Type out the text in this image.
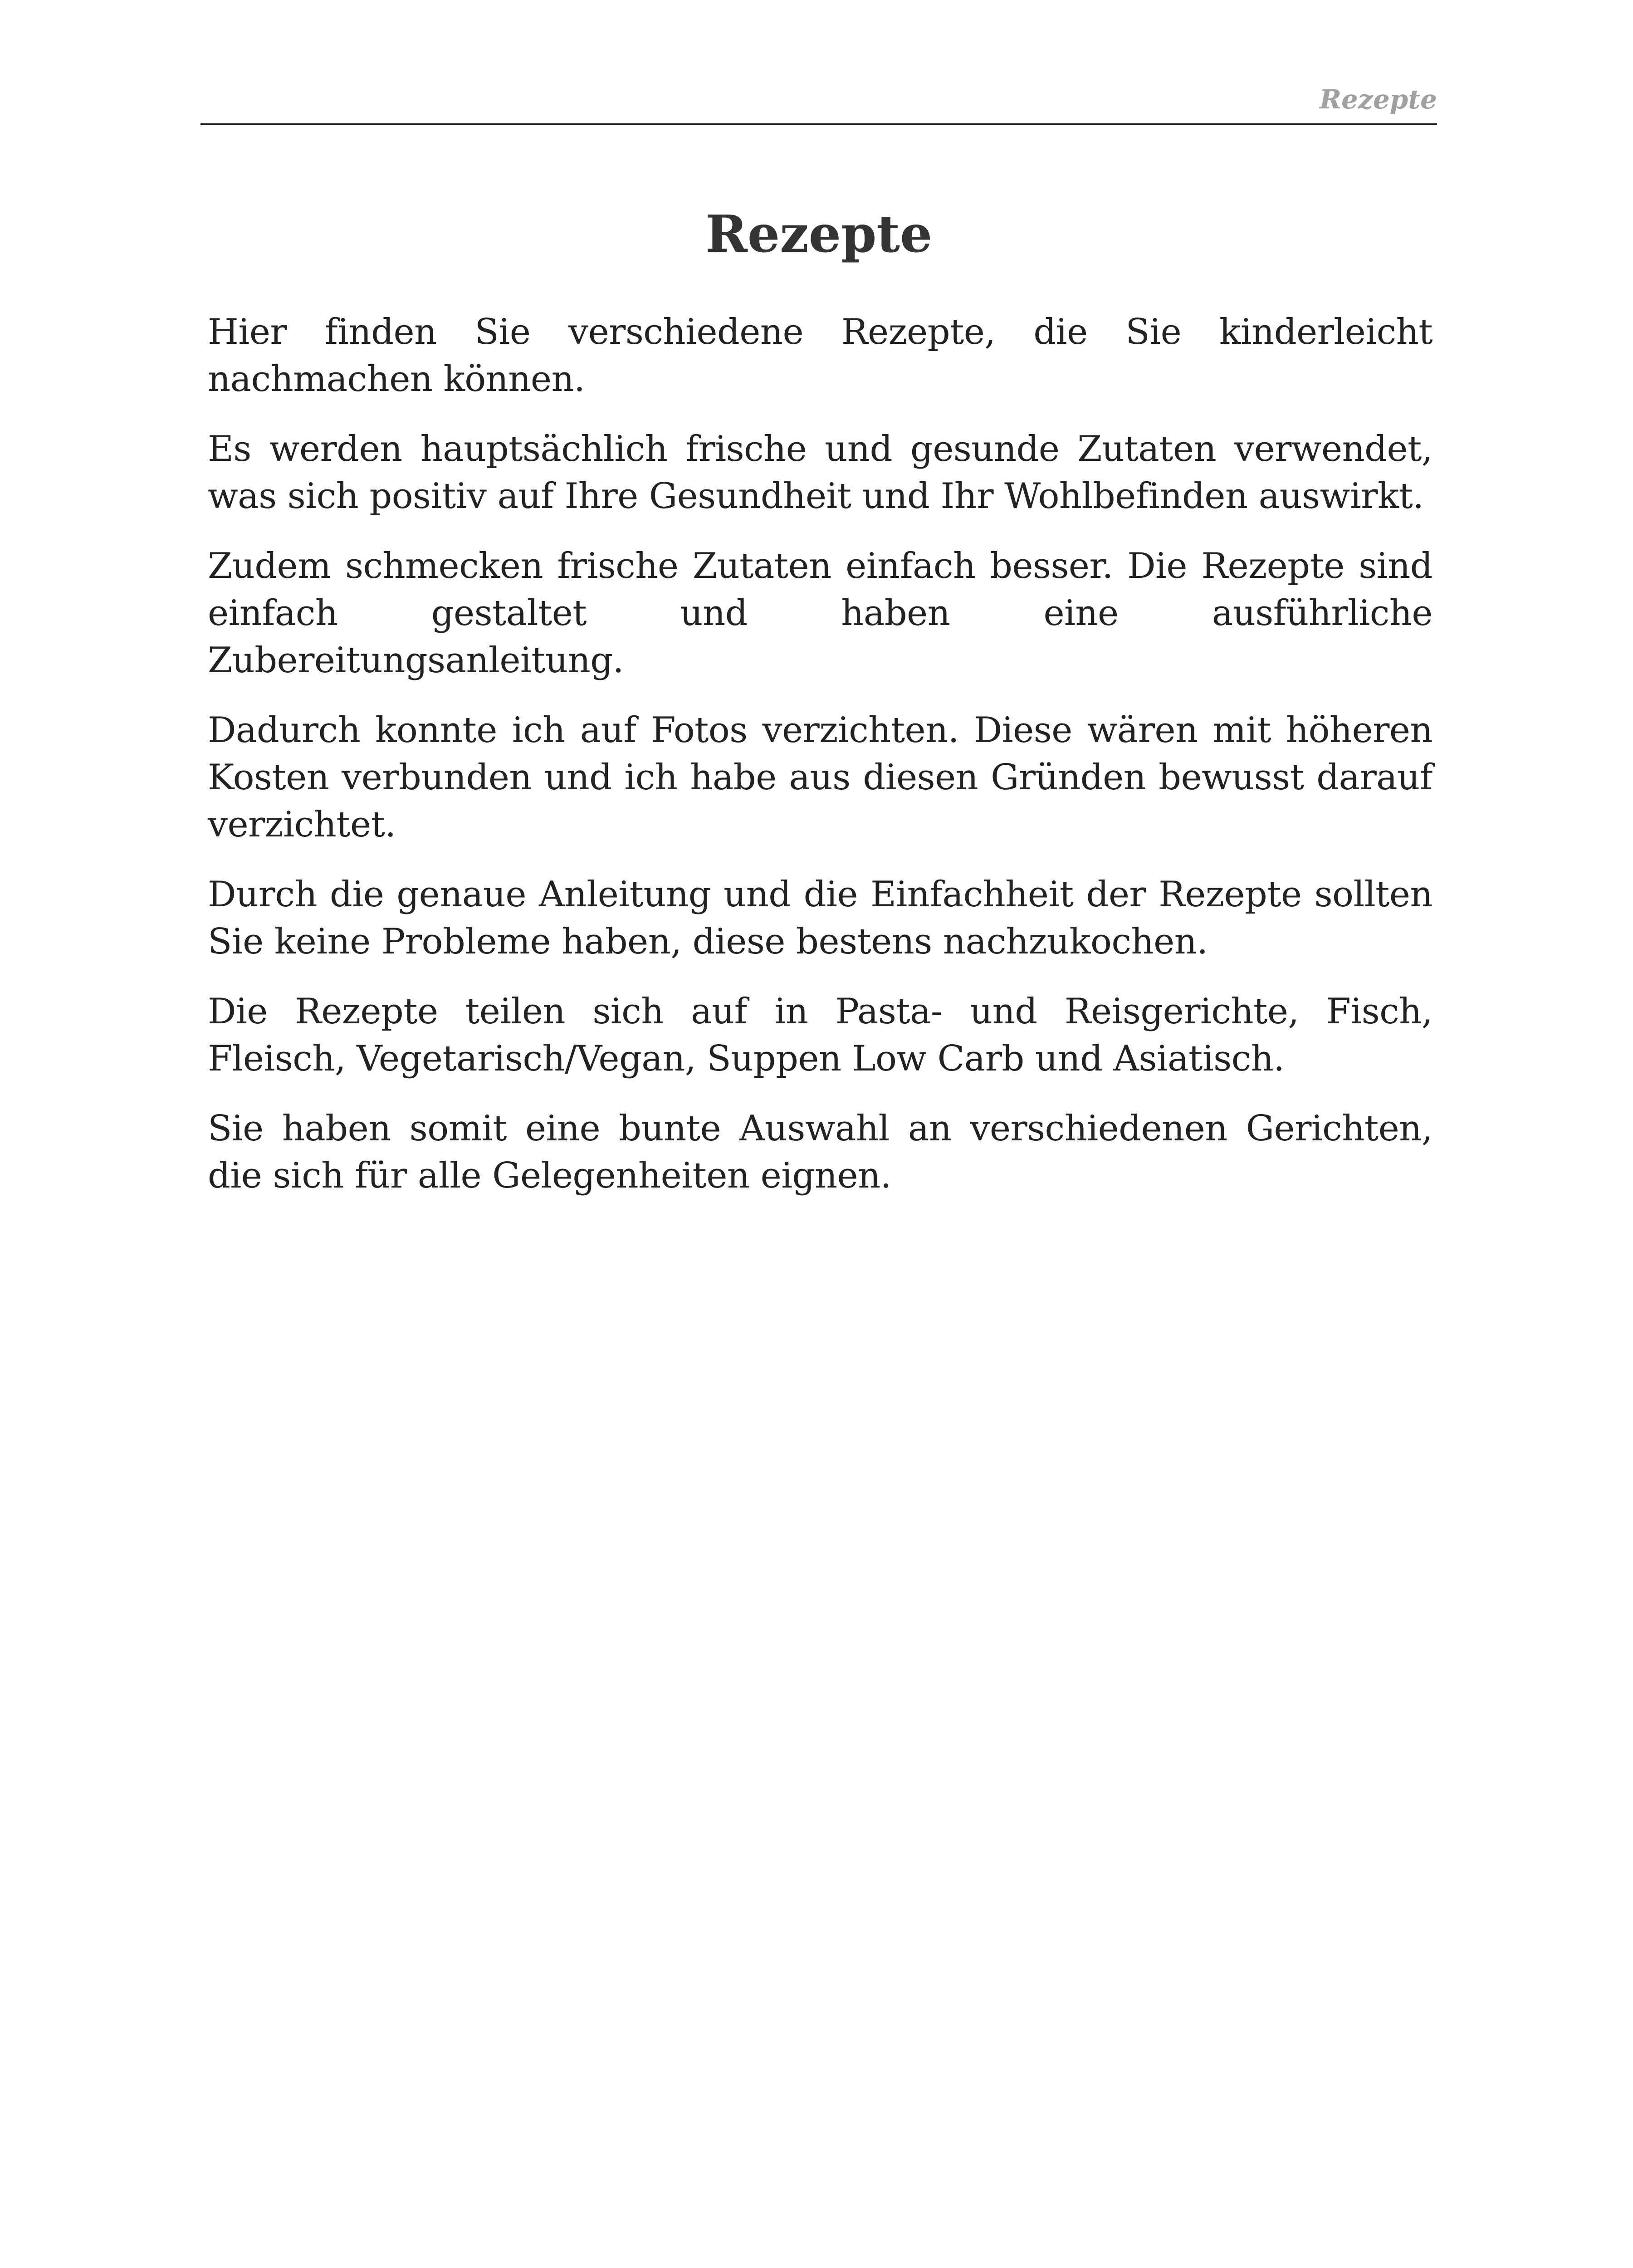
Rezepte
Rezepte

Hier finden Sie verschiedene Rezepte, die Sie kinderleicht nachmachen können.

Es werden hauptsächlich frische und gesunde Zutaten verwendet, was sich positiv auf Ihre Gesundheit und Ihr Wohlbefinden auswirkt.

Zudem schmecken frische Zutaten einfach besser. Die Rezepte sind einfach gestaltet und haben eine ausführliche Zubereitungsanleitung.

Dadurch konnte ich auf Fotos verzichten. Diese wären mit höheren Kosten verbunden und ich habe aus diesen Gründen bewusst darauf verzichtet.

Durch die genaue Anleitung und die Einfachheit der Rezepte sollten Sie keine Probleme haben, diese bestens nachzukochen.

Die Rezepte teilen sich auf in Pasta- und Reisgerichte, Fisch, Fleisch, Vegetarisch/Vegan, Suppen Low Carb und Asiatisch.

Sie haben somit eine bunte Auswahl an verschiedenen Gerichten, die sich für alle Gelegenheiten eignen.
